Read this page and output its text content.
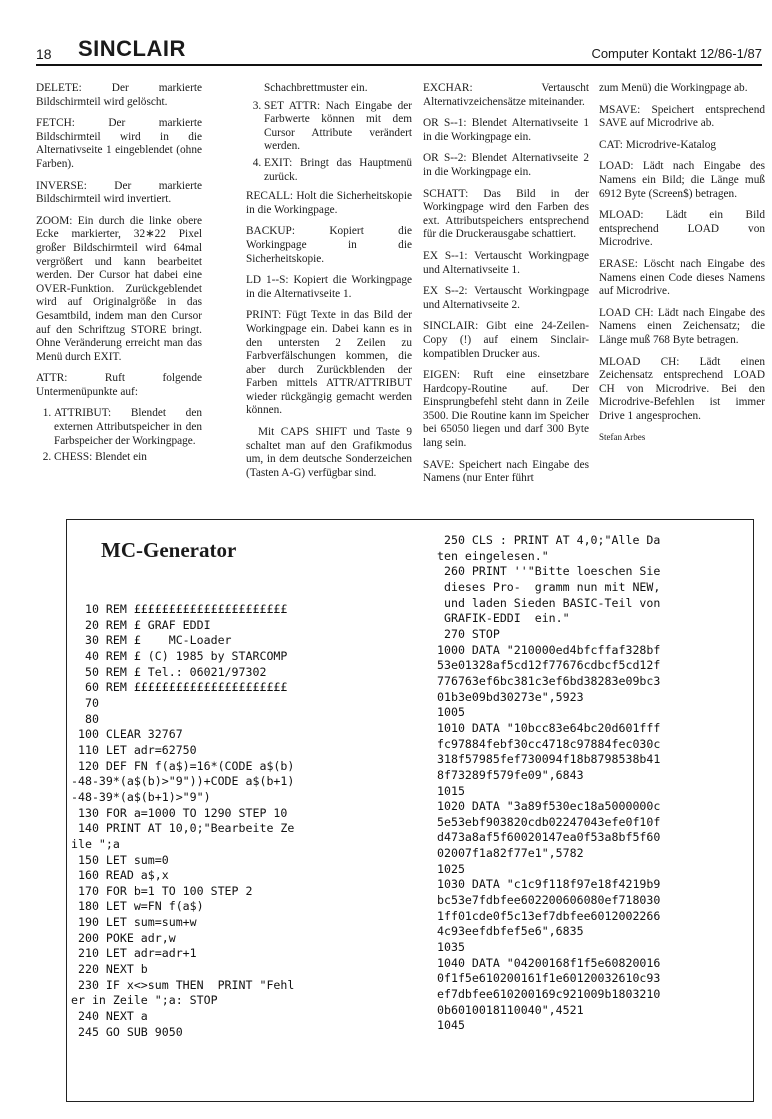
18 SINCLAIR	Computer Kontakt 12/86-1/87

DELETE: Der markierte Bildschirmteil wird gelöscht.

FETCH: Der markierte Bildschirmteil wird in die Alternativseite 1 eingeblendet (ohne Farben).

INVERSE: Der markierte Bildschirmteil wird invertiert.

ZOOM: Ein durch die linke obere Ecke markierter, 32∗22 Pixel großer Bildschirmteil wird 64mal vergrößert und kann bearbeitet werden. Der Cursor hat dabei eine OVER-Funktion. Zurückgeblendet wird auf Originalgröße in das Gesamtbild, indem man den Cursor auf den Schriftzug STORE bringt. Ohne Veränderung erreicht man das Menü durch EXIT.

ATTR: Ruft folgende Untermenüpunkte auf:

1. ATTRIBUT: Blendet den externen Attributspeicher in den Farbspeicher der Workingpage.
2. CHESS: Blendet ein
Schachbrettmuster ein.
3. SET ATTR: Nach Eingabe der Farbwerte können mit dem Cursor Attribute verändert werden.
4. EXIT: Bringt das Hauptmenü zurück.

RECALL: Holt die Sicherheitskopie in die Workingpage.

BACKUP: Kopiert die Workingpage in die Sicherheitskopie.

LD 1--S: Kopiert die Workingpage in die Alternativseite 1.

PRINT: Fügt Texte in das Bild der Workingpage ein. Dabei kann es in den untersten 2 Zeilen zu Farbverfälschungen kommen, die aber durch Zurückblenden der Farben mittels ATTR/ATTRIBUT wieder rückgängig gemacht werden können.

Mit CAPS SHIFT und Taste 9 schaltet man auf den Grafikmodus um, in dem deutsche Sonderzeichen (Tasten A-G) verfügbar sind.

EXCHAR: Vertauscht Alternativzeichensätze miteinander.

OR S--1: Blendet Alternativseite 1 in die Workingpage ein.

OR S--2: Blendet Alternativseite 2 in die Workingpage ein.

SCHATT: Das Bild in der Workingpage wird den Farben des ext. Attributspeichers entsprechend für die Druckerausgabe schattiert.

EX S--1: Vertauscht Workingpage und Alternativseite 1.

EX S--2: Vertauscht Workingpage und Alternativseite 2.

SINCLAIR: Gibt eine 24-Zeilen-Copy (!) auf einem Sinclair-kompatiblen Drucker aus.

EIGEN: Ruft eine einsetzbare Hardcopy-Routine auf. Der Einsprungbefehl steht dann in Zeile 3500. Die Routine kann im Speicher bei 65050 liegen und darf 300 Byte lang sein.

SAVE: Speichert nach Eingabe des Namens (nur Enter führt

zum Menü) die Workingpage ab.

MSAVE: Speichert entsprechend SAVE auf Microdrive ab.

CAT: Microdrive-Katalog

LOAD: Lädt nach Eingabe des Namens ein Bild; die Länge muß 6912 Byte (Screen$) betragen.

MLOAD: Lädt ein Bild entsprechend LOAD von Microdrive.

ERASE: Löscht nach Eingabe des Namens einen Code dieses Namens auf Microdrive.

LOAD CH: Lädt nach Eingabe des Namens einen Zeichensatz; die Länge muß 768 Byte betragen.

MLOAD CH: Lädt einen Zeichensatz entsprechend LOAD CH von Microdrive. Bei den Microdrive-Befehlen ist immer Drive 1 angesprochen.

Stefan Arbes
MC-Generator
10 REM ££££££££££££££££££££££
20 REM £ GRAF EDDI
30 REM £    MC-Loader
40 REM £ (C) 1985 by STARCOMP
50 REM £ Tel.: 06021/97302
60 REM ££££££££££££££££££££££
70
80
100 CLEAR 32767
110 LET adr=62750
120 DEF FN f(a$)=16*(CODE a$(b)
-48-39*(a$(b)>"9"))+CODE a$(b+1)
-48-39*(a$(b+1)>"9")
130 FOR a=1000 TO 1290 STEP 10
140 PRINT AT 10,0;"Bearbeite Ze
ile ";a
150 LET sum=0
160 READ a$,x
170 FOR b=1 TO 100 STEP 2
180 LET w=FN f(a$)
190 LET sum=sum+w
200 POKE adr,w
210 LET adr=adr+1
220 NEXT b
230 IF x<>sum THEN  PRINT "Fehl
er in Zeile ";a: STOP
240 NEXT a
245 GO SUB 9050
250 CLS : PRINT AT 4,0;"Alle Da
ten eingelesen."
260 PRINT ''"Bitte loeschen Sie
dieses Pro-  gramm nun mit NEW,
und laden Sieden BASIC-Teil von
GRAFIK-EDDI  ein."
270 STOP
1000 DATA "210000ed4bfcffaf328bf
53e01328af5cd12f77676cdbcf5cd12f
776763ef6bc381c3ef6bd38283e09bc3
01b3e09bd30273e",5923
1005
1010 DATA "10bcc83e64bc20d601fff
fc97884febf30cc4718c97884fec030c
318f57985fef730094f18b8798538b41
8f73289f579fe09",6843
1015
1020 DATA "3a89f530ec18a5000000c
5e53ebf903820cdb02247043efe0f10f
d473a8af5f60020147ea0f53a8bf5f60
02007f1a82f77e1",5782
1025
1030 DATA "c1c9f118f97e18f4219b9
bc53e7fdbfee602200606080ef718030
1ff01cde0f5c13ef7dbfee6012002266
4c93eefdbfef5e6",6835
1035
1040 DATA "04200168f1f5e60820016
0f1f5e610200161f1e60120032610c93
ef7dbfee610200169c921009b1803210
0b6010018110040",4521
1045
